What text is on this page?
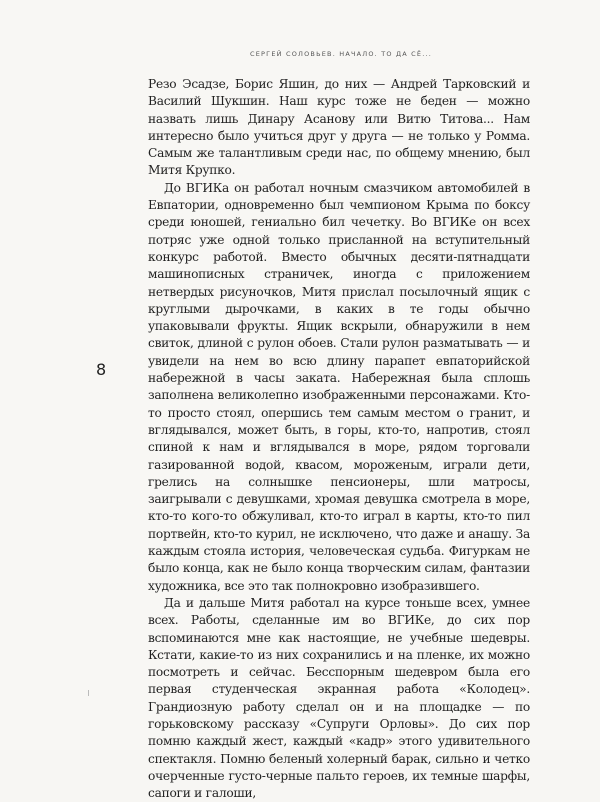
СЕРГЕЙ СОЛОВЬЕВ. НАЧАЛО. ТО ДА СЁ...
8

Резо Эсадзе, Борис Яшин, до них — Андрей Тарковский и Василий Шукшин. Наш курс тоже не беден — можно назвать лишь Динару Асанову или Витю Титова... Нам интересно было учиться друг у друга — не только у Ромма. Самым же талантливым среди нас, по общему мнению, был Митя Крупко.

До ВГИКа он работал ночным смазчиком автомобилей в Евпатории, одновременно был чемпионом Крыма по боксу среди юношей, гениально бил чечетку. Во ВГИКе он всех потряс уже одной только присланной на вступительный конкурс работой. Вместо обычных десяти-пятнадцати машинописных страничек, иногда с приложением нетвердых рисуночков, Митя прислал посылочный ящик с круглыми дырочками, в каких в те годы обычно упаковывали фрукты. Ящик вскрыли, обнаружили в нем свиток, длиной с рулон обоев. Стали рулон разматывать — и увидели на нем во всю длину парапет евпаторийской набережной в часы заката. Набережная была сплошь заполнена великолепно изображенными персонажами. Кто-то просто стоял, опершись тем самым местом о гранит, и вглядывался, может быть, в горы, кто-то, напротив, стоял спиной к нам и вглядывался в море, рядом торговали газированной водой, квасом, мороженым, играли дети, грелись на солнышке пенсионеры, шли матросы, заигрывали с девушками, хромая девушка смотрела в море, кто-то кого-то обжуливал, кто-то играл в карты, кто-то пил портвейн, кто-то курил, не исключено, что даже и анашу. За каждым стояла история, человеческая судьба. Фигуркам не было конца, как не было конца творческим силам, фантазии художника, все это так полнокровно изобразившего.

Да и дальше Митя работал на курсе тоньше всех, умнее всех. Работы, сделанные им во ВГИКе, до сих пор вспоминаются мне как настоящие, не учебные шедевры. Кстати, какие-то из них сохранились и на пленке, их можно посмотреть и сейчас. Бесспорным шедевром была его первая студенческая экранная работа «Колодец». Грандиозную работу сделал он и на площадке — по горьковскому рассказу «Супруги Орловы». До сих пор помню каждый жест, каждый «кадр» этого удивительного спектакля. Помню беленый холерный барак, сильно и четко очерченные густо-черные пальто героев, их темные шарфы, сапоги и галоши,
